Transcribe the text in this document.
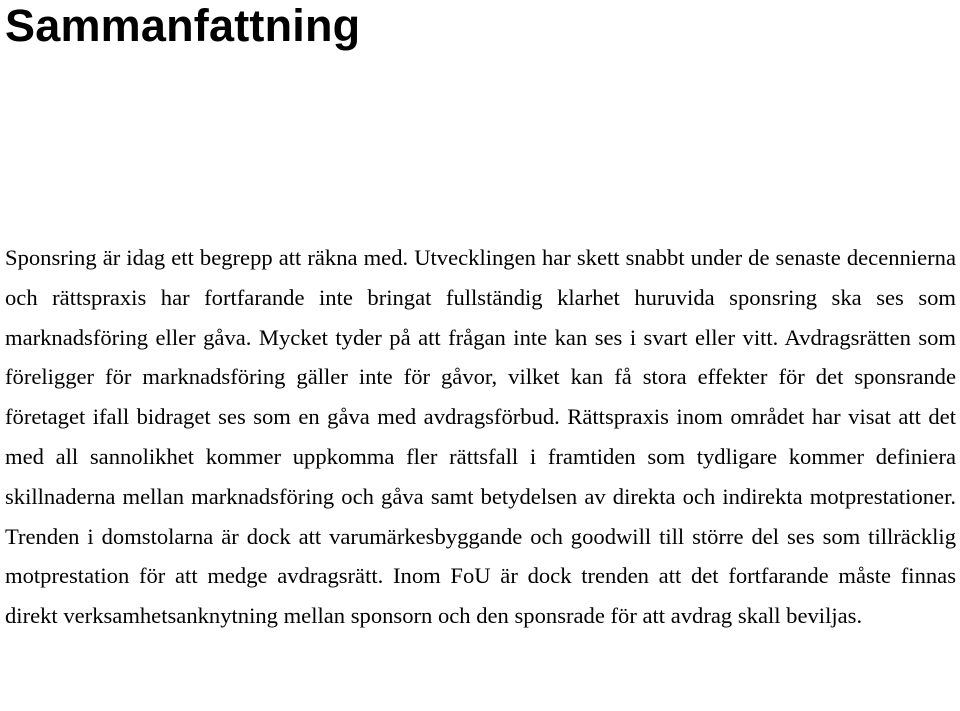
Sammanfattning

Sponsring är idag ett begrepp att räkna med. Utvecklingen har skett snabbt under de senaste decennierna och rättspraxis har fortfarande inte bringat fullständig klarhet huruvida sponsring ska ses som marknadsföring eller gåva. Mycket tyder på att frågan inte kan ses i svart eller vitt. Avdragsrätten som föreligger för marknadsföring gäller inte för gåvor, vilket kan få stora effekter för det sponsrande företaget ifall bidraget ses som en gåva med avdragsförbud. Rättspraxis inom området har visat att det med all sannolikhet kommer uppkomma fler rättsfall i framtiden som tydligare kommer definiera skillnaderna mellan marknadsföring och gåva samt betydelsen av direkta och indirekta motprestationer. Trenden i domstolarna är dock att varumärkesbyggande och goodwill till större del ses som tillräcklig motprestation för att medge avdragsrätt. Inom FoU är dock trenden att det fortfarande måste finnas direkt verksamhetsanknytning mellan sponsorn och den sponsrade för att avdrag skall beviljas.
